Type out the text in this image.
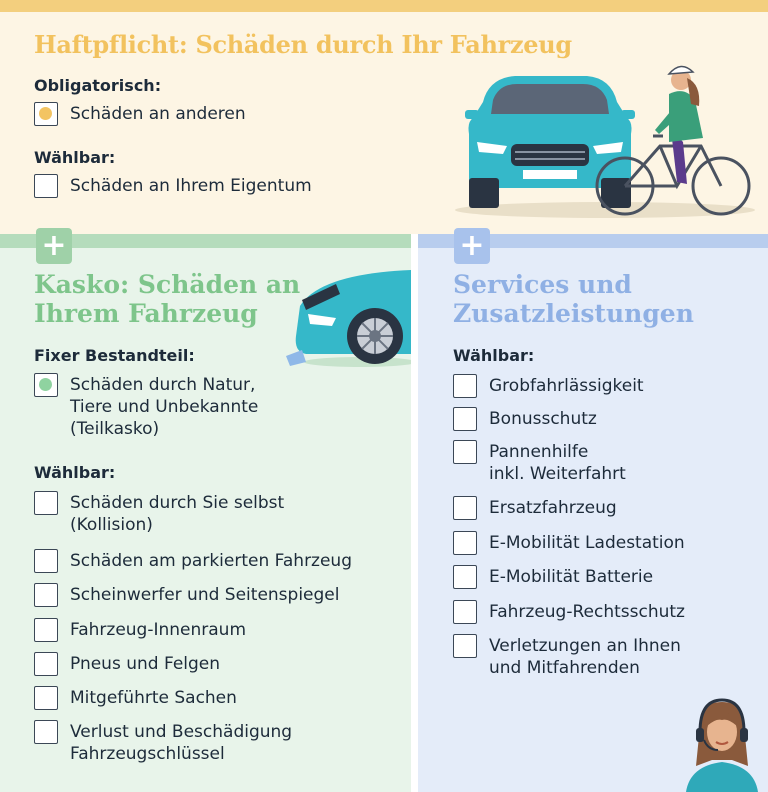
Haftpflicht: Schäden durch Ihr Fahrzeug
Obligatorisch:
Schäden an anderen
Wählbar:
Schäden an Ihrem Eigentum
+
Kasko: Schäden an Ihrem Fahrzeug
Fixer Bestandteil:
Schäden durch Natur,
Tiere und Unbekannte
(Teilkasko)
Wählbar:
Schäden durch Sie selbst
(Kollision)
Schäden am parkierten Fahrzeug
Scheinwerfer und Seitenspiegel
Fahrzeug-Innenraum
Pneus und Felgen
Mitgeführte Sachen
Verlust und Beschädigung
Fahrzeugschlüssel
+
Services und Zusatzleistungen
Wählbar:
Grobfahrlässigkeit
Bonusschutz
Pannenhilfe
inkl. Weiterfahrt
Ersatzfahrzeug
E-Mobilität Ladestation
E-Mobilität Batterie
Fahrzeug-Rechtsschutz
Verletzungen an Ihnen
und Mitfahrenden
